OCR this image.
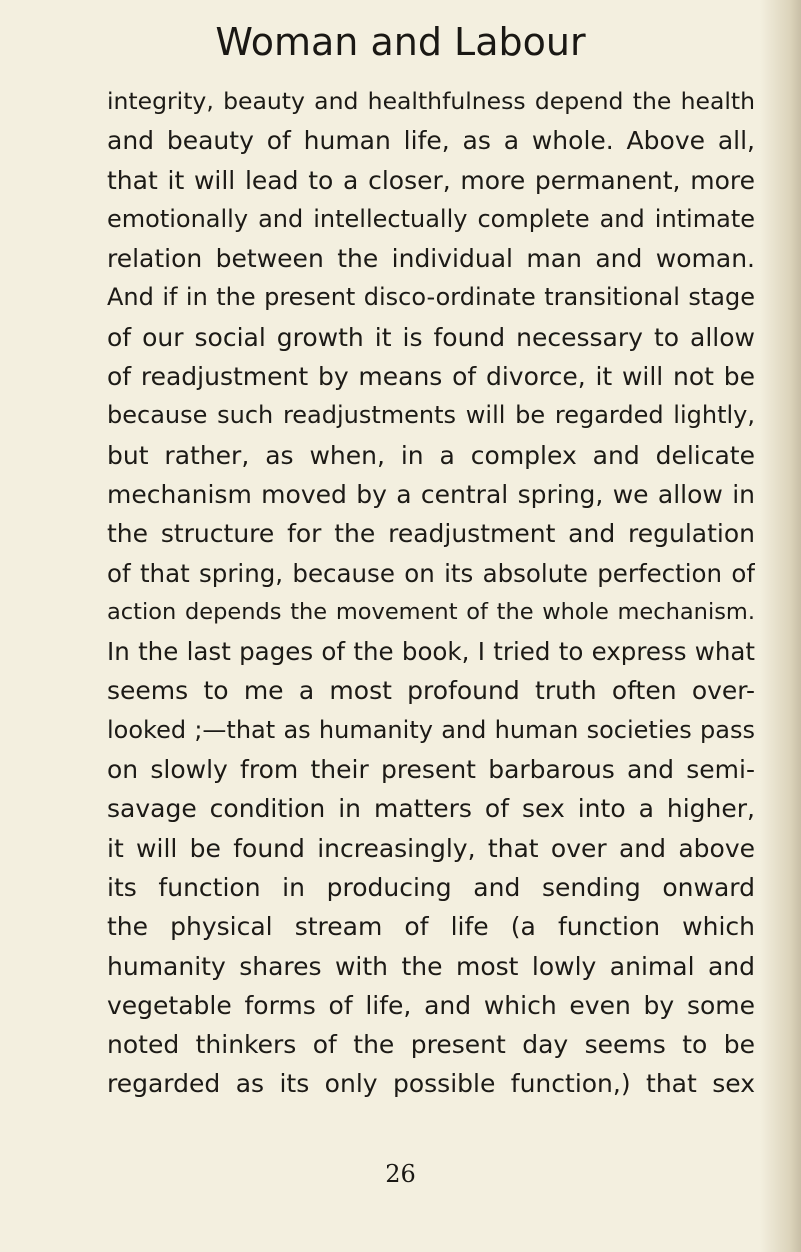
Woman and Labour
integrity, beauty and healthfulness depend the health
and beauty of human life, as a whole. Above all,
that it will lead to a closer, more permanent, more
emotionally and intellectually complete and intimate
relation between the individual man and woman.
And if in the present disco-ordinate transitional stage
of our social growth it is found necessary to allow
of readjustment by means of divorce, it will not be
because such readjustments will be regarded lightly,
but rather, as when, in a complex and delicate
mechanism moved by a central spring, we allow in
the structure for the readjustment and regulation
of that spring, because on its absolute perfection of
action depends the movement of the whole mechanism.
In the last pages of the book, I tried to express what
seems to me a most profound truth often over-
looked ;—that as humanity and human societies pass
on slowly from their present barbarous and semi-
savage condition in matters of sex into a higher,
it will be found increasingly, that over and above
its function in producing and sending onward
the physical stream of life (a function which
humanity shares with the most lowly animal and
vegetable forms of life, and which even by some
noted thinkers of the present day seems to be
regarded as its only possible function,) that sex
26
